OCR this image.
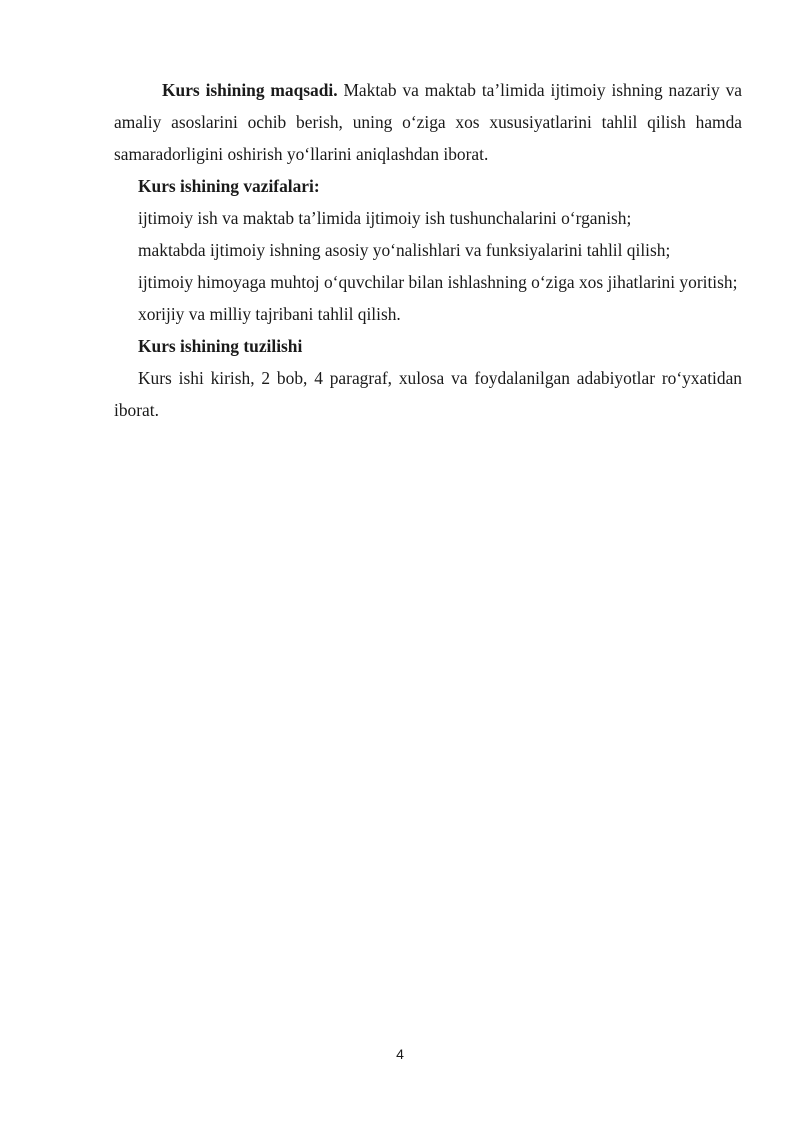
Kurs ishining maqsadi. Maktab va maktab ta’limida ijtimoiy ishning nazariy va amaliy asoslarini ochib berish, uning o‘ziga xos xususiyatlarini tahlil qilish hamda samaradorligini oshirish yo‘llarini aniqlashdan iborat.

Kurs ishining vazifalari:

ijtimoiy ish va maktab ta’limida ijtimoiy ish tushunchalarini o‘rganish;

maktabda ijtimoiy ishning asosiy yo‘nalishlari va funksiyalarini tahlil qilish;

ijtimoiy himoyaga muhtoj o‘quvchilar bilan ishlashning o‘ziga xos jihatlarini yoritish;

xorijiy va milliy tajribani tahlil qilish.

Kurs ishining tuzilishi

Kurs ishi kirish, 2 bob, 4 paragraf, xulosa va foydalanilgan adabiyotlar ro‘yxatidan iborat.

4
